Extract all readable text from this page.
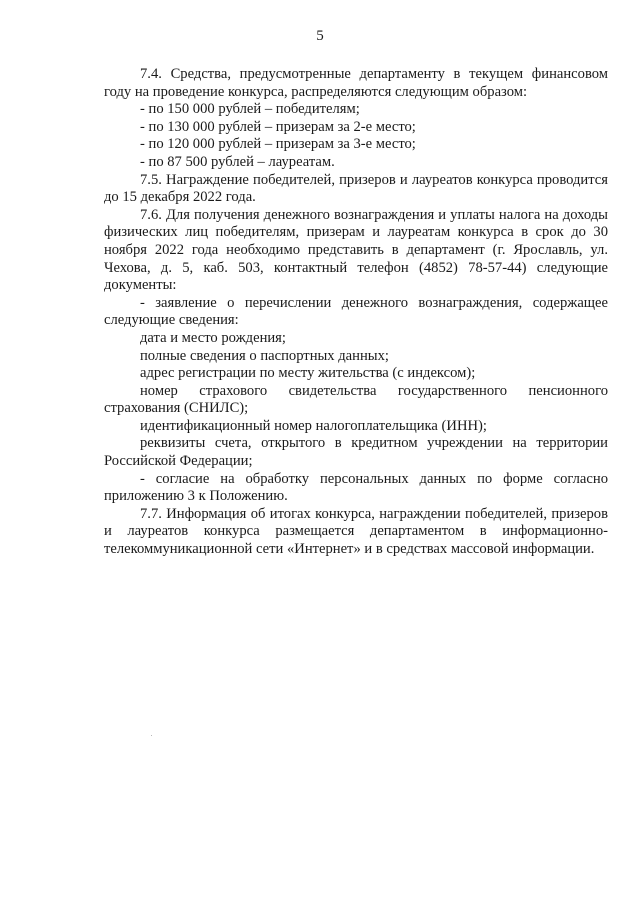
5

7.4. Средства, предусмотренные департаменту в текущем финансовом году на проведение конкурса, распределяются следующим образом:

- по 150 000 рублей – победителям;

- по 130 000 рублей – призерам за 2-е место;

- по 120 000 рублей – призерам за 3-е место;

- по 87 500 рублей – лауреатам.

7.5. Награждение победителей, призеров и лауреатов конкурса проводится до 15 декабря 2022 года.

7.6. Для получения денежного вознаграждения и уплаты налога на доходы физических лиц победителям, призерам и лауреатам конкурса в срок до 30 ноября 2022 года необходимо представить в департамент (г. Ярославль, ул. Чехова, д. 5, каб. 503, контактный телефон (4852) 78-57-44) следующие документы:

- заявление о перечислении денежного вознаграждения, содержащее следующие сведения:

дата и место рождения;

полные сведения о паспортных данных;

адрес регистрации по месту жительства (с индексом);

номер страхового свидетельства государственного пенсионного страхования (СНИЛС);

идентификационный номер налогоплательщика (ИНН);

реквизиты счета, открытого в кредитном учреждении на территории Российской Федерации;

- согласие на обработку персональных данных по форме согласно приложению 3 к Положению.

7.7. Информация об итогах конкурса, награждении победителей, призеров и лауреатов конкурса размещается департаментом в информационно-телекоммуникационной сети «Интернет» и в средствах массовой информации.
